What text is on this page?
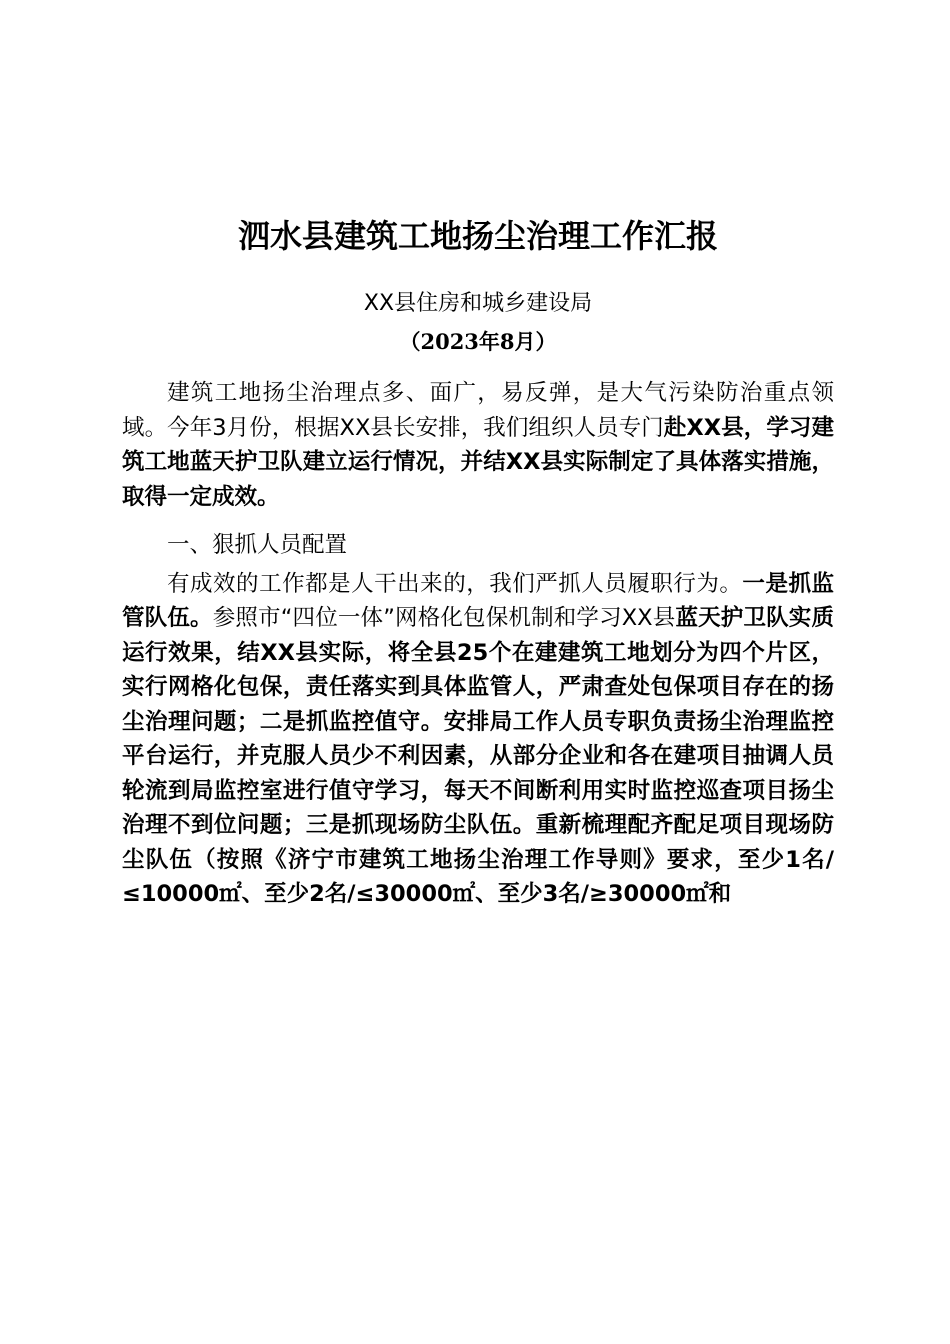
泗水县建筑工地扬尘治理工作汇报
XX县住房和城乡建设局
（2023年8月）

建筑工地扬尘治理点多、面广，易反弹，是大气污染防治重点领域。今年3月份，根据XX县长安排，我们组织人员专门赴XX县，学习建筑工地蓝天护卫队建立运行情况，并结XX县实际制定了具体落实措施，取得一定成效。

一、狠抓人员配置

有成效的工作都是人干出来的，我们严抓人员履职行为。一是抓监管队伍。参照市“四位一体”网格化包保机制和学习XX县蓝天护卫队实质运行效果，结XX县实际，将全县25个在建建筑工地划分为四个片区，实行网格化包保，责任落实到具体监管人，严肃查处包保项目存在的扬尘治理问题；二是抓监控值守。安排局工作人员专职负责扬尘治理监控平台运行，并克服人员少不利因素，从部分企业和各在建项目抽调人员轮流到局监控室进行值守学习，每天不间断利用实时监控巡查项目扬尘治理不到位问题；三是抓现场防尘队伍。重新梳理配齐配足项目现场防尘队伍（按照《济宁市建筑工地扬尘治理工作导则》要求，至少1名/≤10000㎡、至少2名/≤30000㎡、至少3名/≥30000㎡和
